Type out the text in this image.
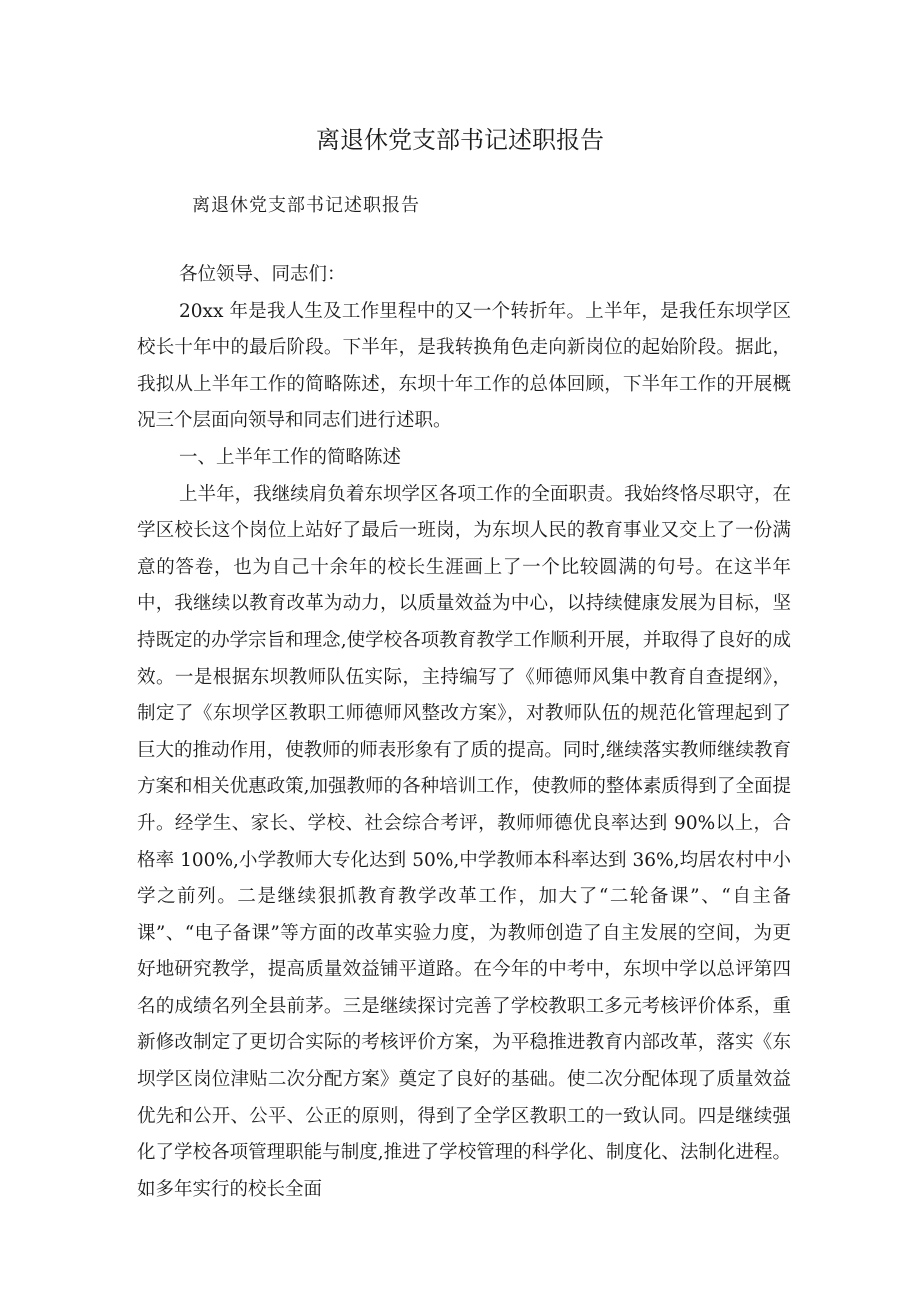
离退休党支部书记述职报告

离退休党支部书记述职报告

各位领导、同志们：

20xx 年是我人生及工作里程中的又一个转折年。上半年，是我任东坝学区校长十年中的最后阶段。下半年，是我转换角色走向新岗位的起始阶段。据此，我拟从上半年工作的简略陈述，东坝十年工作的总体回顾，下半年工作的开展概况三个层面向领导和同志们进行述职。

一、上半年工作的简略陈述

上半年，我继续肩负着东坝学区各项工作的全面职责。我始终恪尽职守，在学区校长这个岗位上站好了最后一班岗，为东坝人民的教育事业又交上了一份满意的答卷，也为自己十余年的校长生涯画上了一个比较圆满的句号。在这半年中，我继续以教育改革为动力，以质量效益为中心，以持续健康发展为目标，坚持既定的办学宗旨和理念,使学校各项教育教学工作顺利开展，并取得了良好的成效。一是根据东坝教师队伍实际，主持编写了《师德师风集中教育自查提纲》，制定了《东坝学区教职工师德师风整改方案》，对教师队伍的规范化管理起到了巨大的推动作用，使教师的师表形象有了质的提高。同时,继续落实教师继续教育方案和相关优惠政策,加强教师的各种培训工作，使教师的整体素质得到了全面提升。经学生、家长、学校、社会综合考评，教师师德优良率达到 90%以上，合格率 100%,小学教师大专化达到 50%,中学教师本科率达到 36%,均居农村中小学之前列。二是继续狠抓教育教学改革工作，加大了“二轮备课”、“自主备课”、“电子备课”等方面的改革实验力度，为教师创造了自主发展的空间，为更好地研究教学，提高质量效益铺平道路。在今年的中考中，东坝中学以总评第四名的成绩名列全县前茅。三是继续探讨完善了学校教职工多元考核评价体系，重新修改制定了更切合实际的考核评价方案，为平稳推进教育内部改革，落实《东坝学区岗位津贴二次分配方案》奠定了良好的基础。使二次分配体现了质量效益优先和公开、公平、公正的原则，得到了全学区教职工的一致认同。四是继续强化了学校各项管理职能与制度,推进了学校管理的科学化、制度化、法制化进程。如多年实行的校长全面
